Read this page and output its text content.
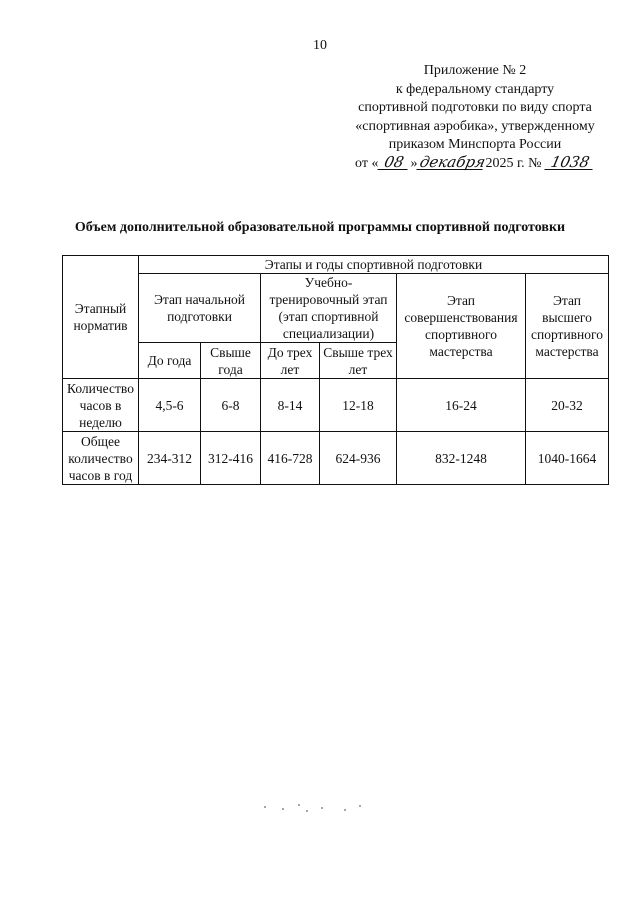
10
Приложение № 2
к федеральному стандарту
спортивной подготовки по виду спорта
«спортивная аэробика», утвержденному
приказом Минспорта России
от « 08 »декабря2025 г. № 1038
Объем дополнительной образовательной программы спортивной подготовки
Этапный норматив	Этапы и годы спортивной подготовки					
	Этап начальной подготовки		Учебно-тренировочный этап (этап спортивной специализации)		Этап совершенствования спортивного мастерства	Этап высшего спортивного мастерства
	До года	Свыше года	До трех лет	Свыше трех лет		
Количество часов в неделю	4,5-6	6-8	8-14	12-18	16-24	20-32
Общее количество часов в год	234-312	312-416	416-728	624-936	832-1248	1040-1664
